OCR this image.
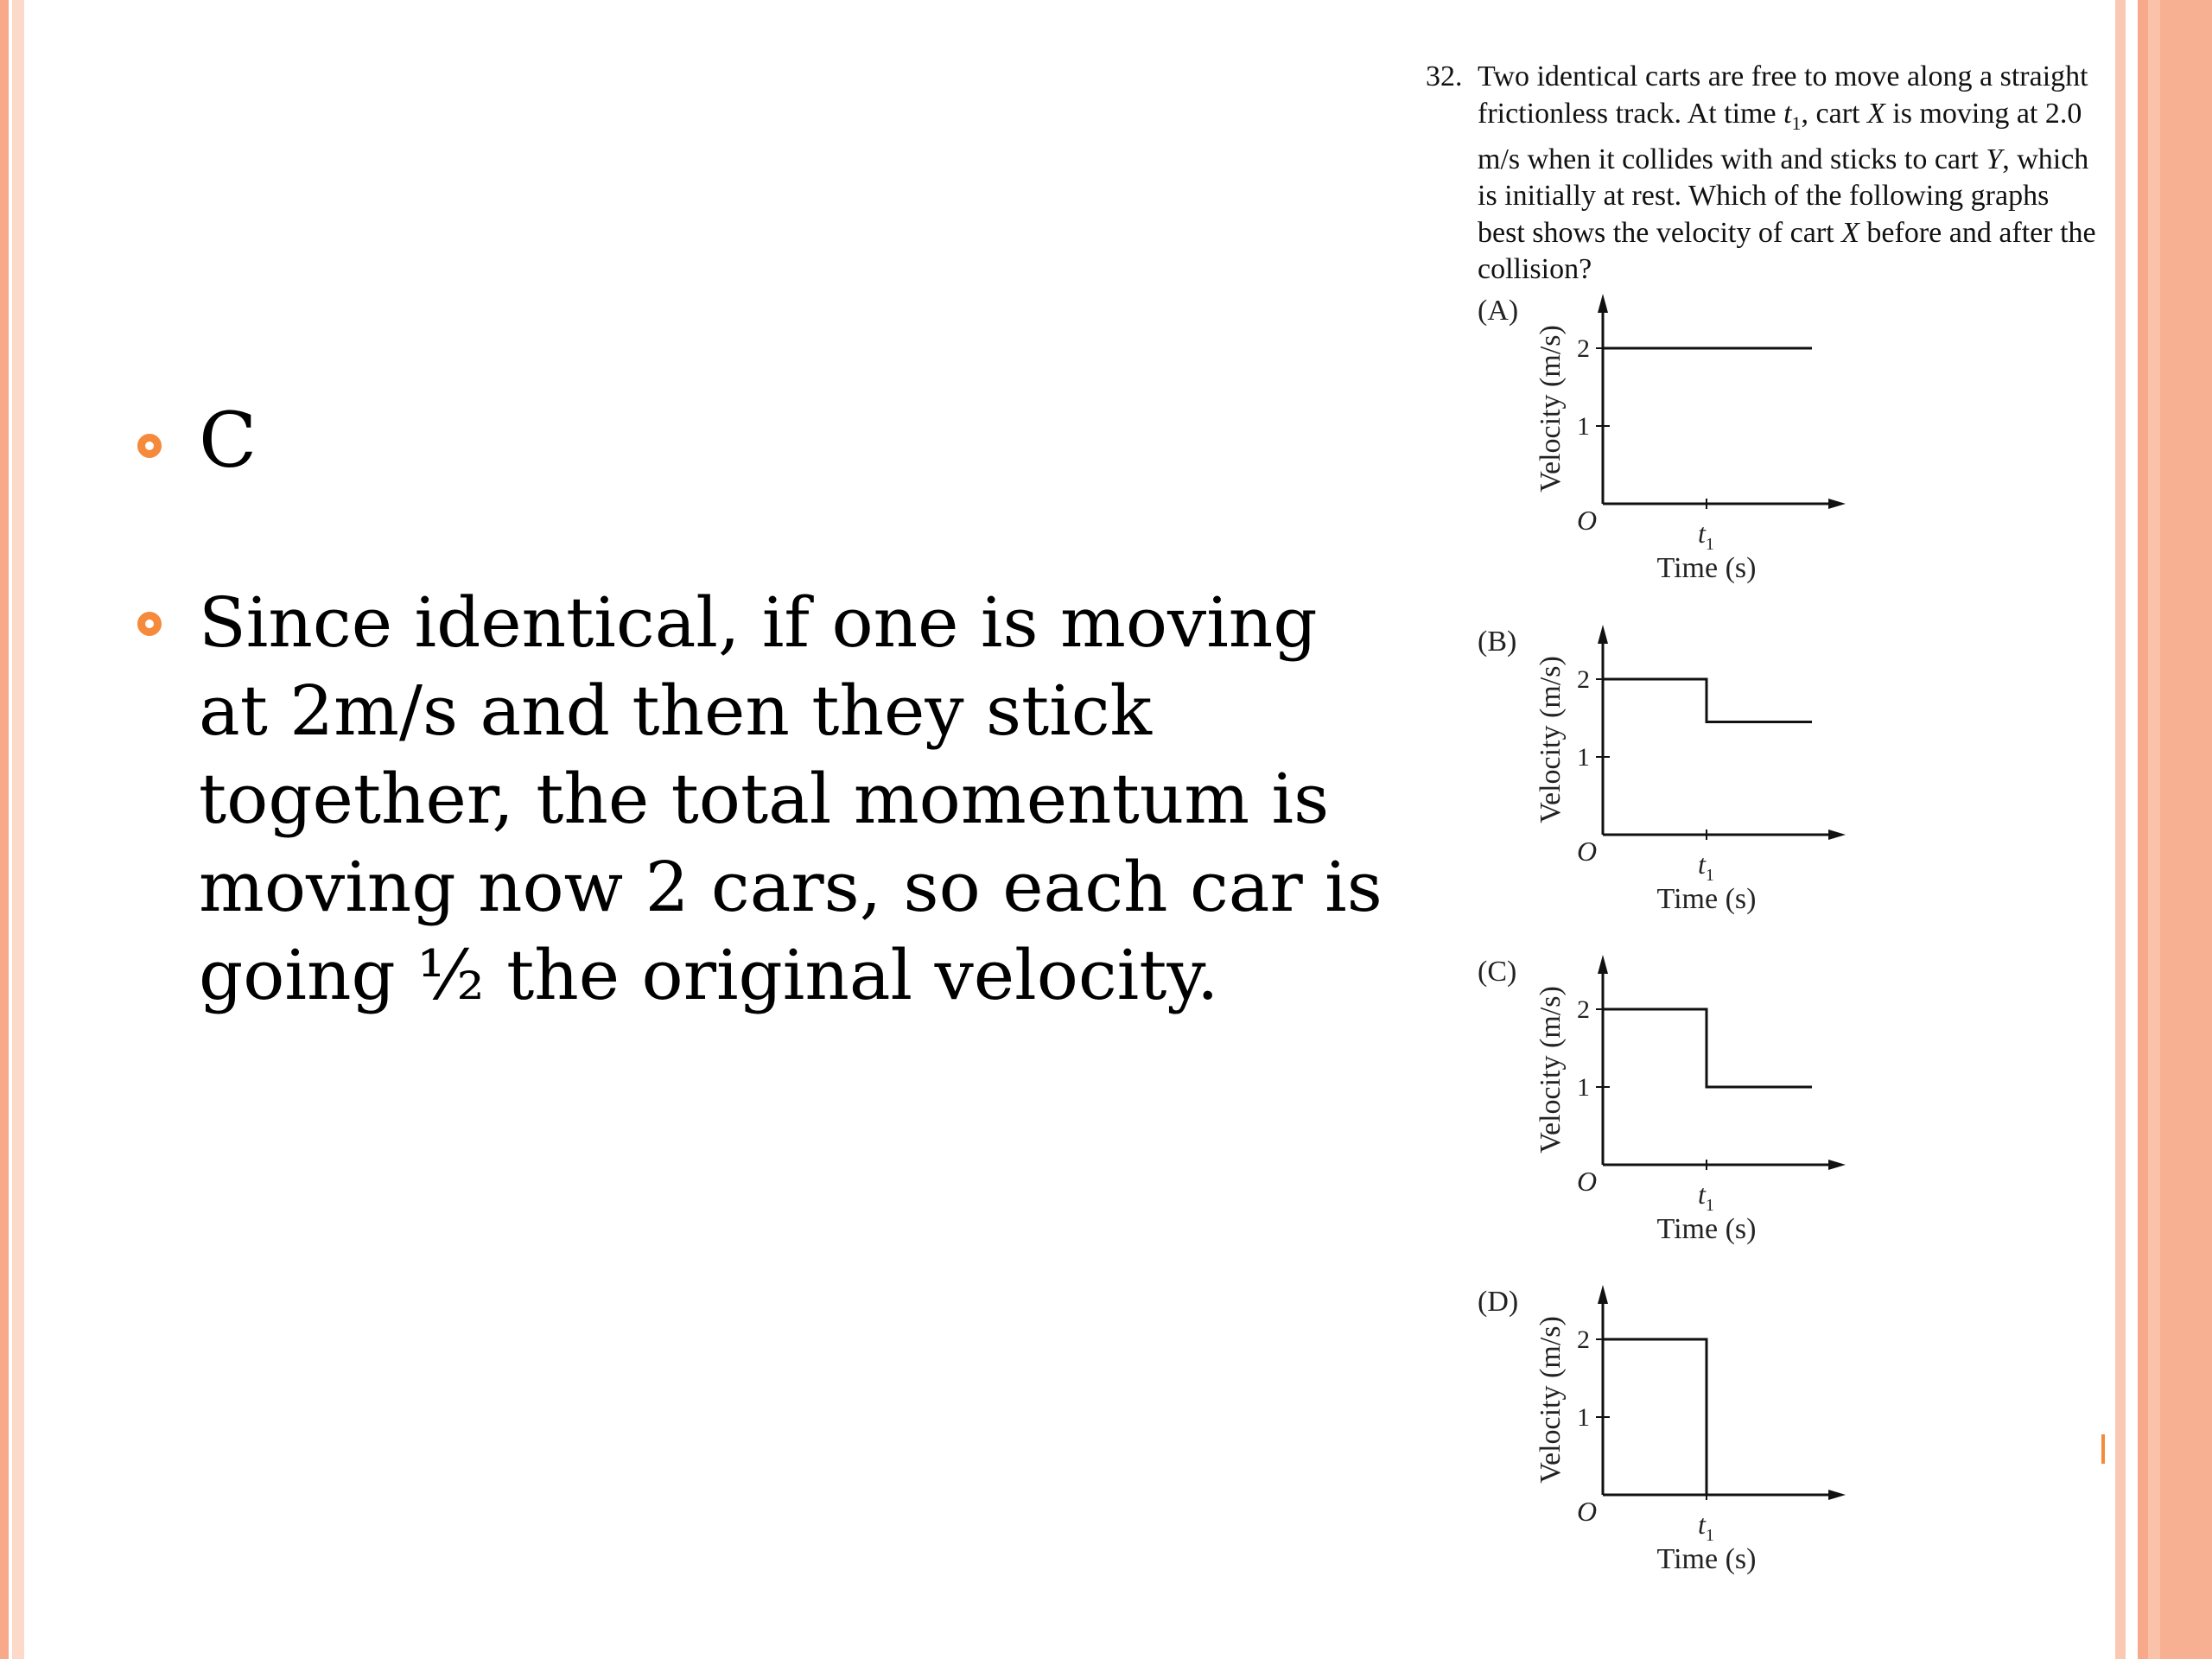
C
Since identical, if one is moving at 2m/s and then they stick together, the total momentum is moving now 2 cars, so each car is going ½ the original velocity.
32. Two identical carts are free to move along a straight frictionless track. At time $t_1$, cart X is moving at 2.0 m/s when it collides with and sticks to cart Y, which is initially at rest. Which of the following graphs best shows the velocity of cart X before and after the collision?
(A)
1
2
$t_1$
O
Time (s)
Velocity (m/s)
(B)
1
2
$t_1$
O
Time (s)
Velocity (m/s)
(C)
1
2
$t_1$
O
Time (s)
Velocity (m/s)
(D)
1
2
$t_1$
O
Time (s)
Velocity (m/s)
